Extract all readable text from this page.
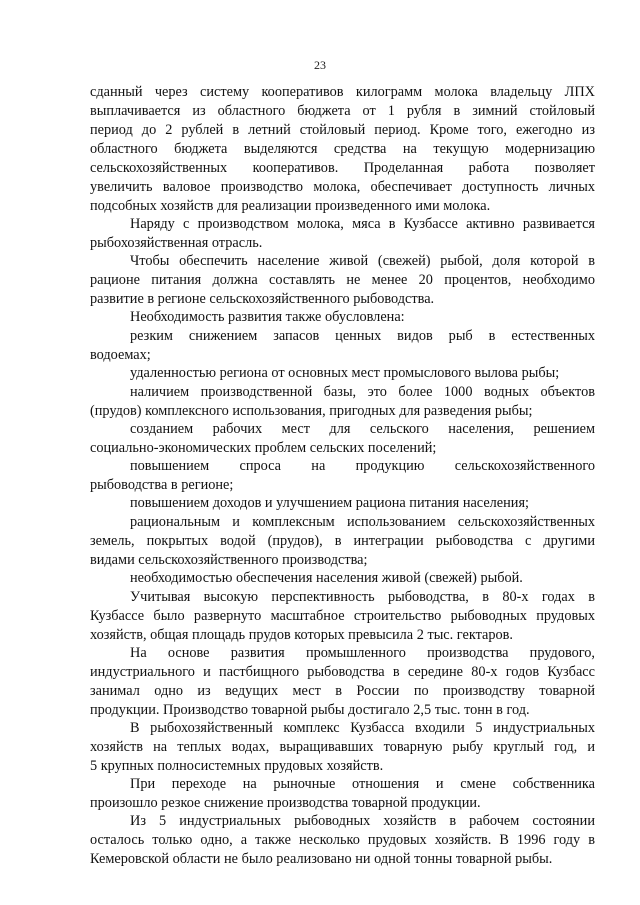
23
сданный через систему кооперативов килограмм молока владельцу ЛПХ
выплачивается из областного бюджета от 1 рубля в зимний стойловый
период до 2 рублей в летний стойловый период. Кроме того, ежегодно из
областного бюджета выделяются средства на текущую модернизацию
сельскохозяйственных кооперативов. Проделанная работа позволяет
увеличить валовое производство молока, обеспечивает доступность личных
подсобных хозяйств для реализации произведенного ими молока.
Наряду с производством молока, мяса в Кузбассе активно развивается
рыбохозяйственная отрасль.
Чтобы обеспечить население живой (свежей) рыбой, доля которой в
рационе питания должна составлять не менее 20 процентов, необходимо
развитие в регионе сельскохозяйственного рыбоводства.
Необходимость развития также обусловлена:
резким снижением запасов ценных видов рыб в естественных
водоемах;
удаленностью региона от основных мест промыслового вылова рыбы;
наличием производственной базы, это более 1000 водных объектов
(прудов) комплексного использования, пригодных для разведения рыбы;
созданием рабочих мест для сельского населения, решением
социально-экономических проблем сельских поселений;
повышением спроса на продукцию сельскохозяйственного
рыбоводства в регионе;
повышением доходов и улучшением рациона питания населения;
рациональным и комплексным использованием сельскохозяйственных
земель, покрытых водой (прудов), в интеграции рыбоводства с другими
видами сельскохозяйственного производства;
необходимостью обеспечения населения живой (свежей) рыбой.
Учитывая высокую перспективность рыбоводства, в 80-х годах в
Кузбассе было развернуто масштабное строительство рыбоводных прудовых
хозяйств, общая площадь прудов которых превысила 2 тыс. гектаров.
На основе развития промышленного производства прудового,
индустриального и пастбищного рыбоводства в середине 80-х годов Кузбасс
занимал одно из ведущих мест в России по производству товарной
продукции. Производство товарной рыбы достигало 2,5 тыс. тонн в год.
В рыбохозяйственный комплекс Кузбасса входили 5 индустриальных
хозяйств на теплых водах, выращивавших товарную рыбу круглый год, и
5 крупных полносистемных прудовых хозяйств.
При переходе на рыночные отношения и смене собственника
произошло резкое снижение производства товарной продукции.
Из 5 индустриальных рыбоводных хозяйств в рабочем состоянии
осталось только одно, а также несколько прудовых хозяйств. В 1996 году в
Кемеровской области не было реализовано ни одной тонны товарной рыбы.
